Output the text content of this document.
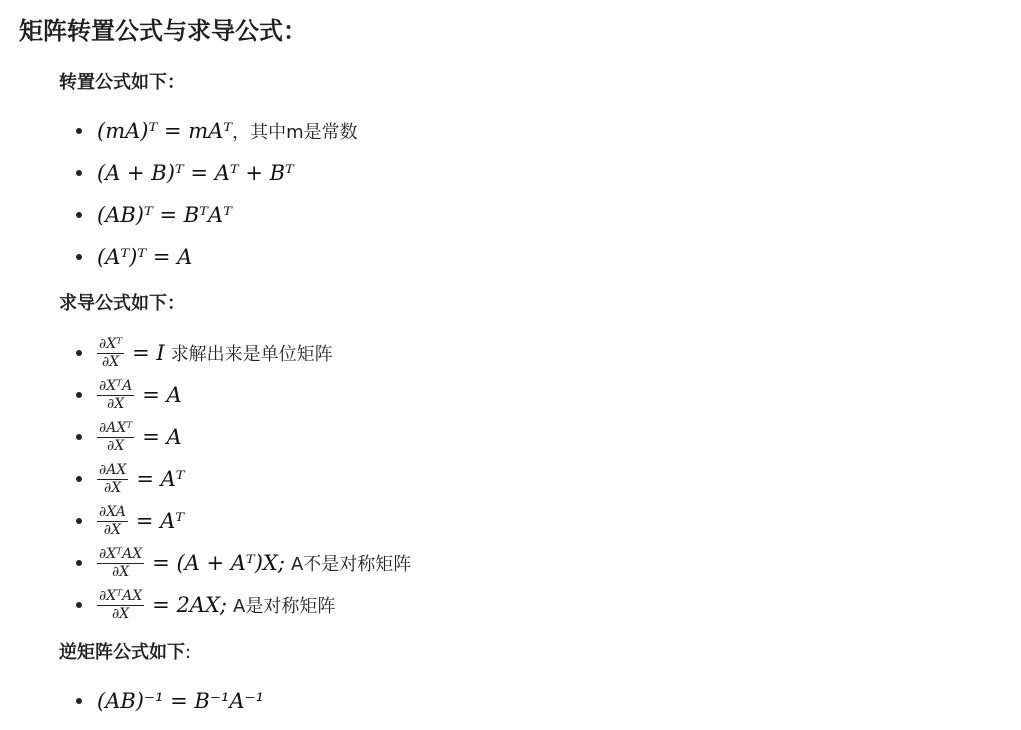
矩阵转置公式与求导公式：
转置公式如下：
(mA)ᵀ = mAᵀ ，其中m是常数
(A + B)ᵀ = Aᵀ + Bᵀ
(AB)ᵀ = BᵀAᵀ
(Aᵀ)ᵀ = A
求导公式如下：
$\frac{\text{∂Xᵀ}}{\partial X} = I$ 求解出来是单位矩阵
$\frac{\text{∂XᵀA}}{\partial X} = A$
$\frac{\text{∂AXᵀ}}{\partial X} = A$
$\frac{\partial AX}{\partial X}$ = Aᵀ
$\frac{\partial XA}{\partial X}$ = Aᵀ
$\frac{\text{∂XᵀAX}}{\partial X} = (A$ + Aᵀ)X; A不是对称矩阵
$\frac{\text{∂XᵀAX}}{\partial X} = 2AX$; A是对称矩阵
逆矩阵公式如下:
(AB)⁻¹ = B⁻¹A⁻¹
